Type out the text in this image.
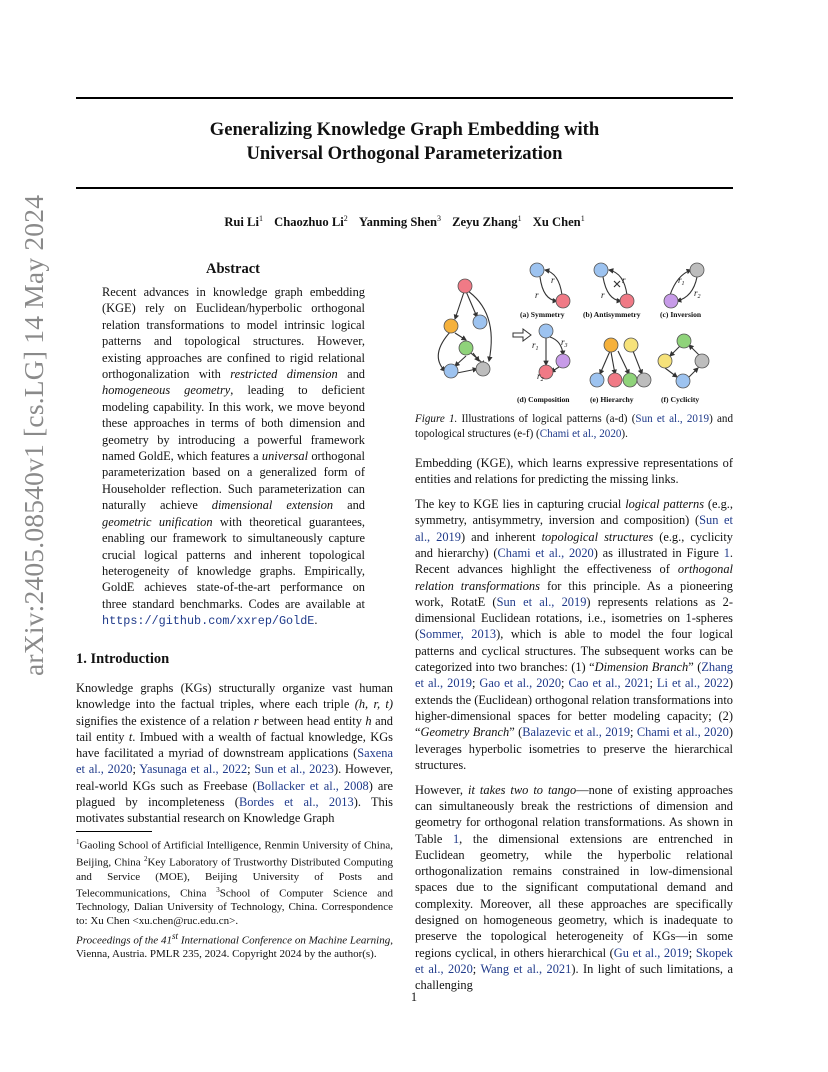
Generalizing Knowledge Graph Embedding with
Universal Orthogonal Parameterization
Rui Li$^1$ Chaozhuo Li$^2$ Yanming Shen$^3$ Zeyu Zhang$^1$ Xu Chen$^1$
arXiv:2405.08540v1 [cs.LG] 14 May 2024	Abstract
Recent advances in knowledge graph embedding (KGE) rely on Euclidean/hyperbolic orthogonal relation transformations to model intrinsic logical patterns and topological structures. However, existing approaches are confined to rigid relational orthogonalization with restricted dimension and homogeneous geometry, leading to deficient modeling capability. In this work, we move beyond these approaches in terms of both dimension and geometry by introducing a powerful framework named GoldE, which features a universal orthogonal parameterization based on a generalized form of Householder reflection. Such parameterization can naturally achieve dimensional extension and geometric unification with theoretical guarantees, enabling our framework to simultaneously capture crucial logical patterns and inherent topological heterogeneity of knowledge graphs. Empirically, GoldE achieves state-of-the-art performance on three standard benchmarks. Codes are available at https://github.com/xxrep/GoldE.
1. Introduction
Knowledge graphs (KGs) structurally organize vast human knowledge into the factual triples, where each triple (h, r, t) signifies the existence of a relation r between head entity h and tail entity t. Imbued with a wealth of factual knowledge, KGs have facilitated a myriad of downstream applications (Saxena et al., 2020; Yasunaga et al., 2022; Sun et al., 2023). However, real-world KGs such as Freebase (Bollacker et al., 2008) are plagued by incompleteness (Bordes et al., 2013). This motivates substantial research on Knowledge Graph
$^1$Gaoling School of Artificial Intelligence, Renmin University of China, Beijing, China $^2$Key Laboratory of Trustworthy Distributed Computing and Service (MOE), Beijing University of Posts and Telecommunications, China $^3$School of Computer Science and Technology, Dalian University of Technology, China. Correspondence to: Xu Chen <xu.chen@ruc.edu.cn>.
Proceedings of the 41st International Conference on Machine Learning, Vienna, Austria. PMLR 235, 2024. Copyright 2024 by the author(s).
r
r
r
r
$r_1$
$r_2$
$r_1$
$r_3$
$r_2$
(a) Symmetry (b) Antisymmetry	(c) Inversion
(d) Composition	(e) Hierarchy	(f) Cyclicity
Figure 1. Illustrations of logical patterns (a-d) (Sun et al., 2019) and topological structures (e-f) (Chami et al., 2020).

Embedding (KGE), which learns expressive representations of entities and relations for predicting the missing links.

The key to KGE lies in capturing crucial logical patterns (e.g., symmetry, antisymmetry, inversion and composition) (Sun et al., 2019) and inherent topological structures (e.g., cyclicity and hierarchy) (Chami et al., 2020) as illustrated in Figure 1. Recent advances highlight the effectiveness of orthogonal relation transformations for this principle. As a pioneering work, RotatE (Sun et al., 2019) represents relations as 2-dimensional Euclidean rotations, i.e., isometries on 1-spheres (Sommer, 2013), which is able to model the four logical patterns and cyclical structures. The subsequent works can be categorized into two branches: (1) “Dimension Branch” (Zhang et al., 2019; Gao et al., 2020; Cao et al., 2021; Li et al., 2022) extends the (Euclidean) orthogonal relation transformations into higher-dimensional spaces for better modeling capacity; (2) “Geometry Branch” (Balazevic et al., 2019; Chami et al., 2020) leverages hyperbolic isometries to preserve the hierarchical structures.

However, it takes two to tango—none of existing approaches can simultaneously break the restrictions of dimension and geometry for orthogonal relation transformations. As shown in Table 1, the dimensional extensions are entrenched in Euclidean geometry, while the hyperbolic relational orthogonalization remains constrained in low-dimensional spaces due to the significant computational demand and complexity. Moreover, all these approaches are specifically designed on homogeneous geometry, which is inadequate to preserve the topological heterogeneity of KGs—in some regions cyclical, in others hierarchical (Gu et al., 2019; Skopek et al., 2020; Wang et al., 2021). In light of such limitations, a challenging

1
